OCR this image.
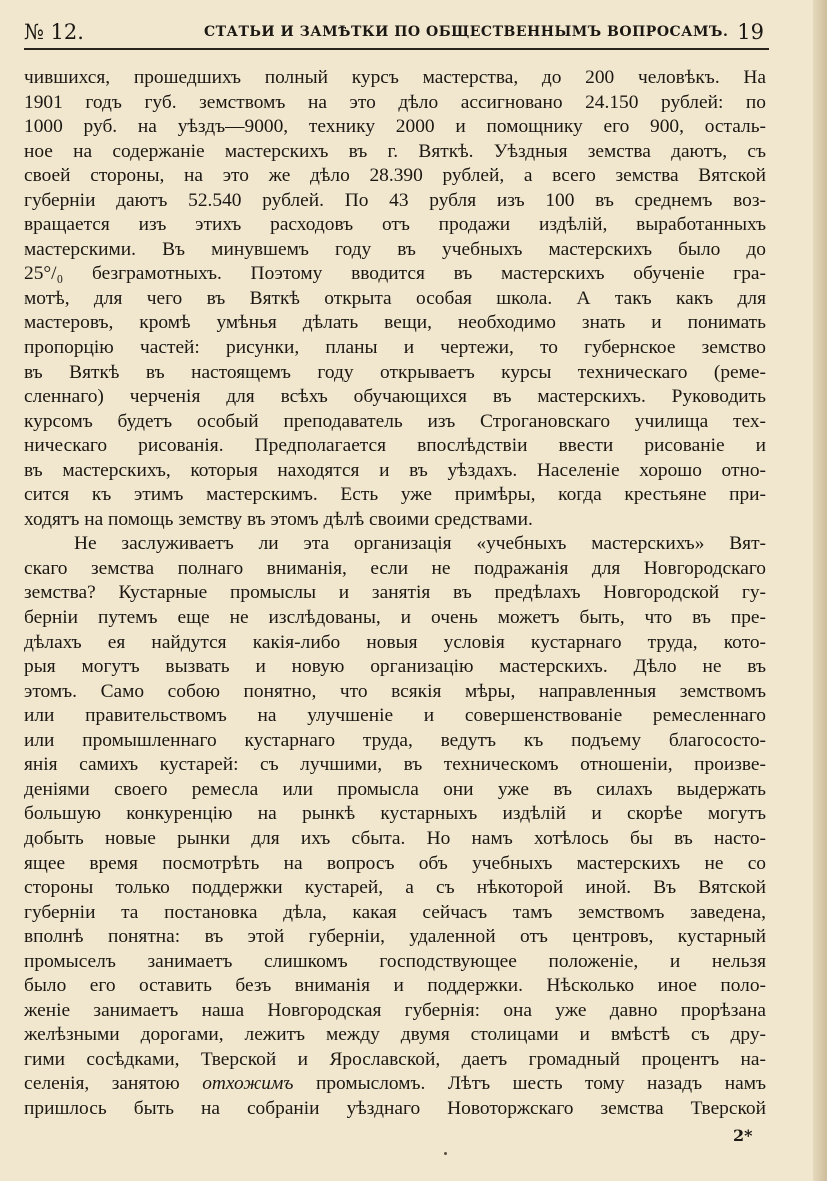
№ 12.	СТАТЬИ И ЗАМѢТКИ ПО ОБЩЕСТВЕННЫМЪ ВОПРОСАМЪ. 19
чившихся, прошедшихъ полный курсъ мастерства, до 200 человѣкъ. На
1901 годъ губ. земствомъ на это дѣло ассигновано 24.150 рублей: по
1000 руб. на уѣздъ—9000, технику 2000 и помощнику его 900, осталь-
ное на содержаніе мастерскихъ въ г. Вяткѣ. Уѣздныя земства даютъ, съ
своей стороны, на это же дѣло 28.390 рублей, а всего земства Вятской
губерніи даютъ 52.540 рублей. По 43 рубля изъ 100 въ среднемъ воз-
вращается изъ этихъ расходовъ отъ продажи издѣлій, выработанныхъ
мастерскими. Въ минувшемъ году въ учебныхъ мастерскихъ было до
25°/₀ безграмотныхъ. Поэтому вводится въ мастерскихъ обученіе гра-
мотѣ, для чего въ Вяткѣ открыта особая школа. А такъ какъ для
мастеровъ, кромѣ умѣнья дѣлать вещи, необходимо знать и понимать
пропорцію частей: рисунки, планы и чертежи, то губернское земство
въ Вяткѣ въ настоящемъ году открываетъ курсы техническаго (реме-
сленнаго) черченія для всѣхъ обучающихся въ мастерскихъ. Руководить
курсомъ будетъ особый преподаватель изъ Строгановскаго училища тех-
ническаго рисованія. Предполагается впослѣдствіи ввести рисованіе и
въ мастерскихъ, которыя находятся и въ уѣздахъ. Населеніе хорошо отно-
сится къ этимъ мастерскимъ. Есть уже примѣры, когда крестьяне при-
ходятъ на помощь земству въ этомъ дѣлѣ своими средствами.
Не заслуживаетъ ли эта организація «учебныхъ мастерскихъ» Вят-
скаго земства полнаго вниманія, если не подражанія для Новгородскаго
земства? Кустарные промыслы и занятія въ предѣлахъ Новгородской гу-
берніи путемъ еще не изслѣдованы, и очень можетъ быть, что въ пре-
дѣлахъ ея найдутся какія-либо новыя условія кустарнаго труда, кото-
рыя могутъ вызвать и новую организацію мастерскихъ. Дѣло не въ
этомъ. Само собою понятно, что всякія мѣры, направленныя земствомъ
или правительствомъ на улучшеніе и совершенствованіе ремесленнаго
или промышленнаго кустарнаго труда, ведутъ къ подъему благососто-
янія самихъ кустарей: съ лучшими, въ техническомъ отношеніи, произве-
деніями своего ремесла или промысла они уже въ силахъ выдержать
большую конкуренцію на рынкѣ кустарныхъ издѣлій и скорѣе могутъ
добыть новые рынки для ихъ сбыта. Но намъ хотѣлось бы въ насто-
ящее время посмотрѣть на вопросъ объ учебныхъ мастерскихъ не со
стороны только поддержки кустарей, а съ нѣкоторой иной. Въ Вятской
губерніи та постановка дѣла, какая сейчасъ тамъ земствомъ заведена,
вполнѣ понятна: въ этой губерніи, удаленной отъ центровъ, кустарный
промыселъ занимаетъ слишкомъ господствующее положеніе, и нельзя
было его оставить безъ вниманія и поддержки. Нѣсколько иное поло-
женіе занимаетъ наша Новгородская губернія: она уже давно прорѣзана
желѣзными дорогами, лежитъ между двумя столицами и вмѣстѣ съ дру-
гими сосѣдками, Тверской и Ярославской, даетъ громадный процентъ на-
селенія, занятою отхожимъ промысломъ. Лѣтъ шесть тому назадъ намъ
пришлось быть на собраніи уѣзднаго Новоторжскаго земства Тверской
2*
